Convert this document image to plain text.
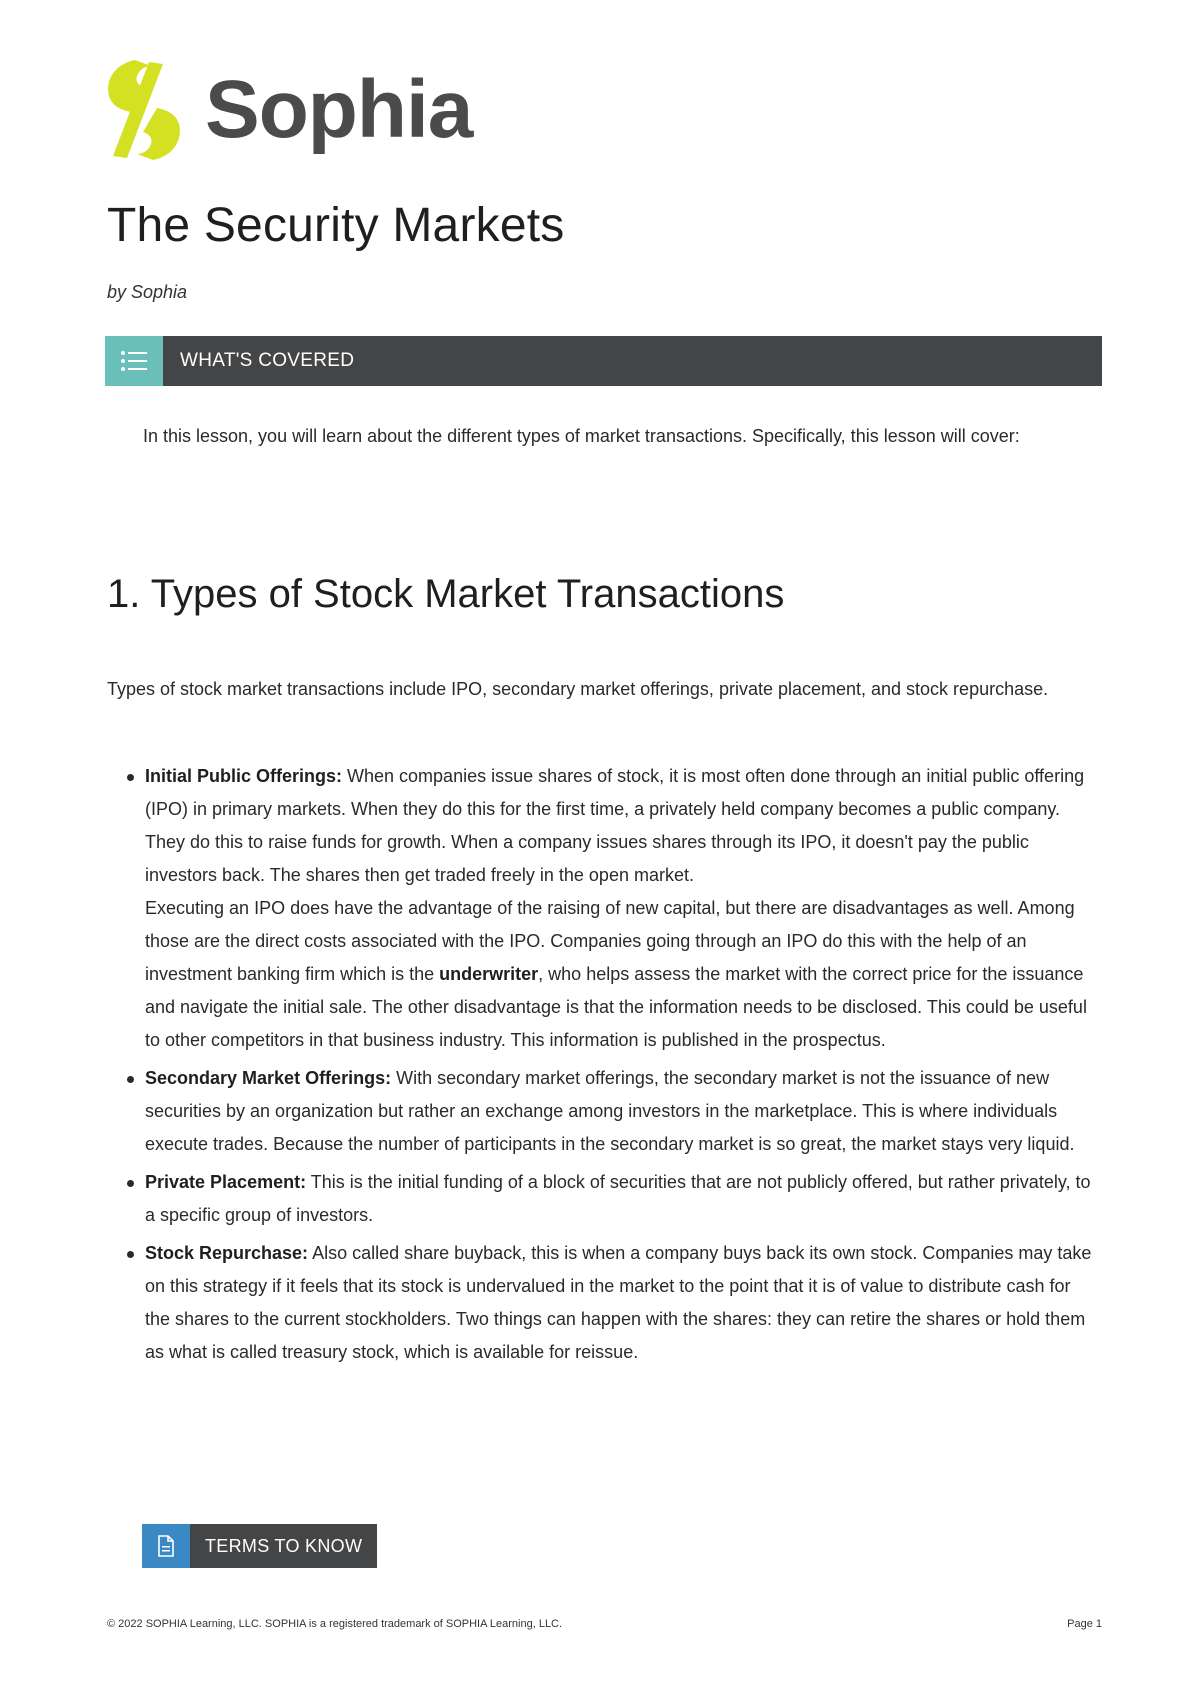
Sophia
The Security Markets
by Sophia
WHAT'S COVERED

In this lesson, you will learn about the different types of market transactions. Specifically, this lesson will cover:

1. Types of Stock Market Transactions

Types of stock market transactions include IPO, secondary market offerings, private placement, and stock repurchase.

Initial Public Offerings: When companies issue shares of stock, it is most often done through an initial public offering (IPO) in primary markets. When they do this for the first time, a privately held company becomes a public company. They do this to raise funds for growth. When a company issues shares through its IPO, it doesn't pay the public investors back. The shares then get traded freely in the open market.
Executing an IPO does have the advantage of the raising of new capital, but there are disadvantages as well. Among those are the direct costs associated with the IPO. Companies going through an IPO do this with the help of an investment banking firm which is the underwriter, who helps assess the market with the correct price for the issuance and navigate the initial sale. The other disadvantage is that the information needs to be disclosed. This could be useful to other competitors in that business industry. This information is published in the prospectus.
Secondary Market Offerings: With secondary market offerings, the secondary market is not the issuance of new securities by an organization but rather an exchange among investors in the marketplace. This is where individuals execute trades. Because the number of participants in the secondary market is so great, the market stays very liquid.
Private Placement: This is the initial funding of a block of securities that are not publicly offered, but rather privately, to a specific group of investors.
Stock Repurchase: Also called share buyback, this is when a company buys back its own stock. Companies may take on this strategy if it feels that its stock is undervalued in the market to the point that it is of value to distribute cash for the shares to the current stockholders. Two things can happen with the shares: they can retire the shares or hold them as what is called treasury stock, which is available for reissue.
TERMS TO KNOW
© 2022 SOPHIA Learning, LLC. SOPHIA is a registered trademark of SOPHIA Learning, LLC.	Page 1
